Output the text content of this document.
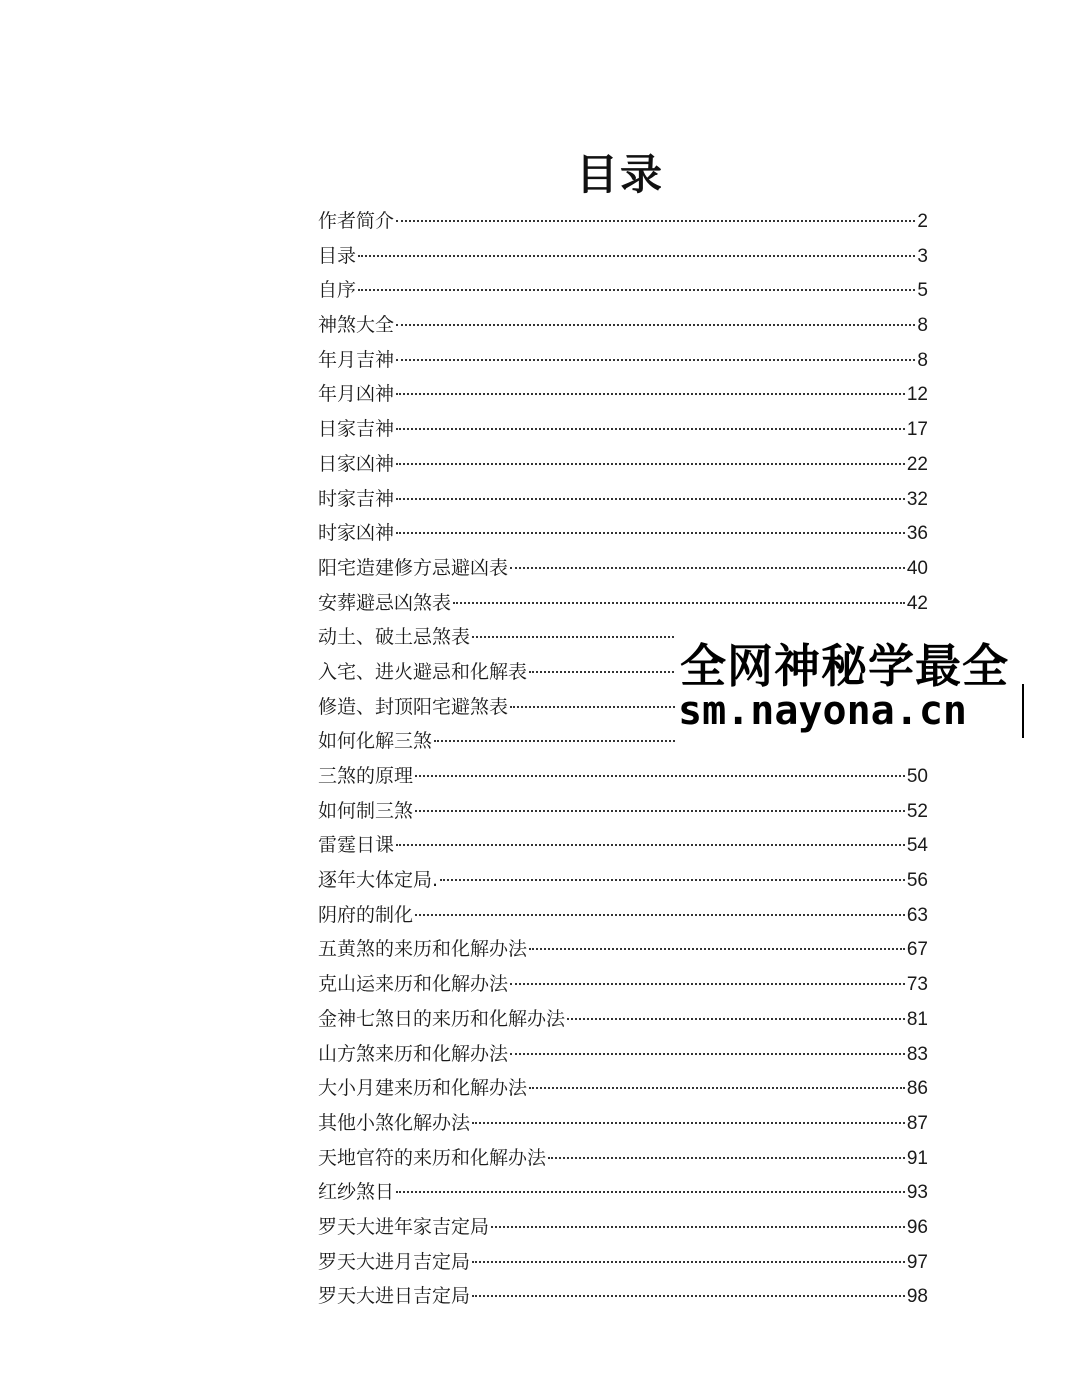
目录
作者简介	2
目录	3
自序	5
神煞大全	8
年月吉神	8
年月凶神	12
日家吉神	17
日家凶神	22
时家吉神	32
时家凶神	36
阳宅造建修方忌避凶表	40
安葬避忌凶煞表	42
动土、破土忌煞表
入宅、进火避忌和化解表
修造、封顶阳宅避煞表
如何化解三煞
三煞的原理	50
如何制三煞	52
雷霆日课	54
逐年大体定局.	56
阴府的制化	63
五黄煞的来历和化解办法	67
克山运来历和化解办法	73
金神七煞日的来历和化解办法	81
山方煞来历和化解办法	83
大小月建来历和化解办法	86
其他小煞化解办法	87
天地官符的来历和化解办法	91
红纱煞日	93
罗天大进年家吉定局	96
罗天大进月吉定局	97
罗天大进日吉定局	98
全网神秘学最全
sm.nayona.cn
